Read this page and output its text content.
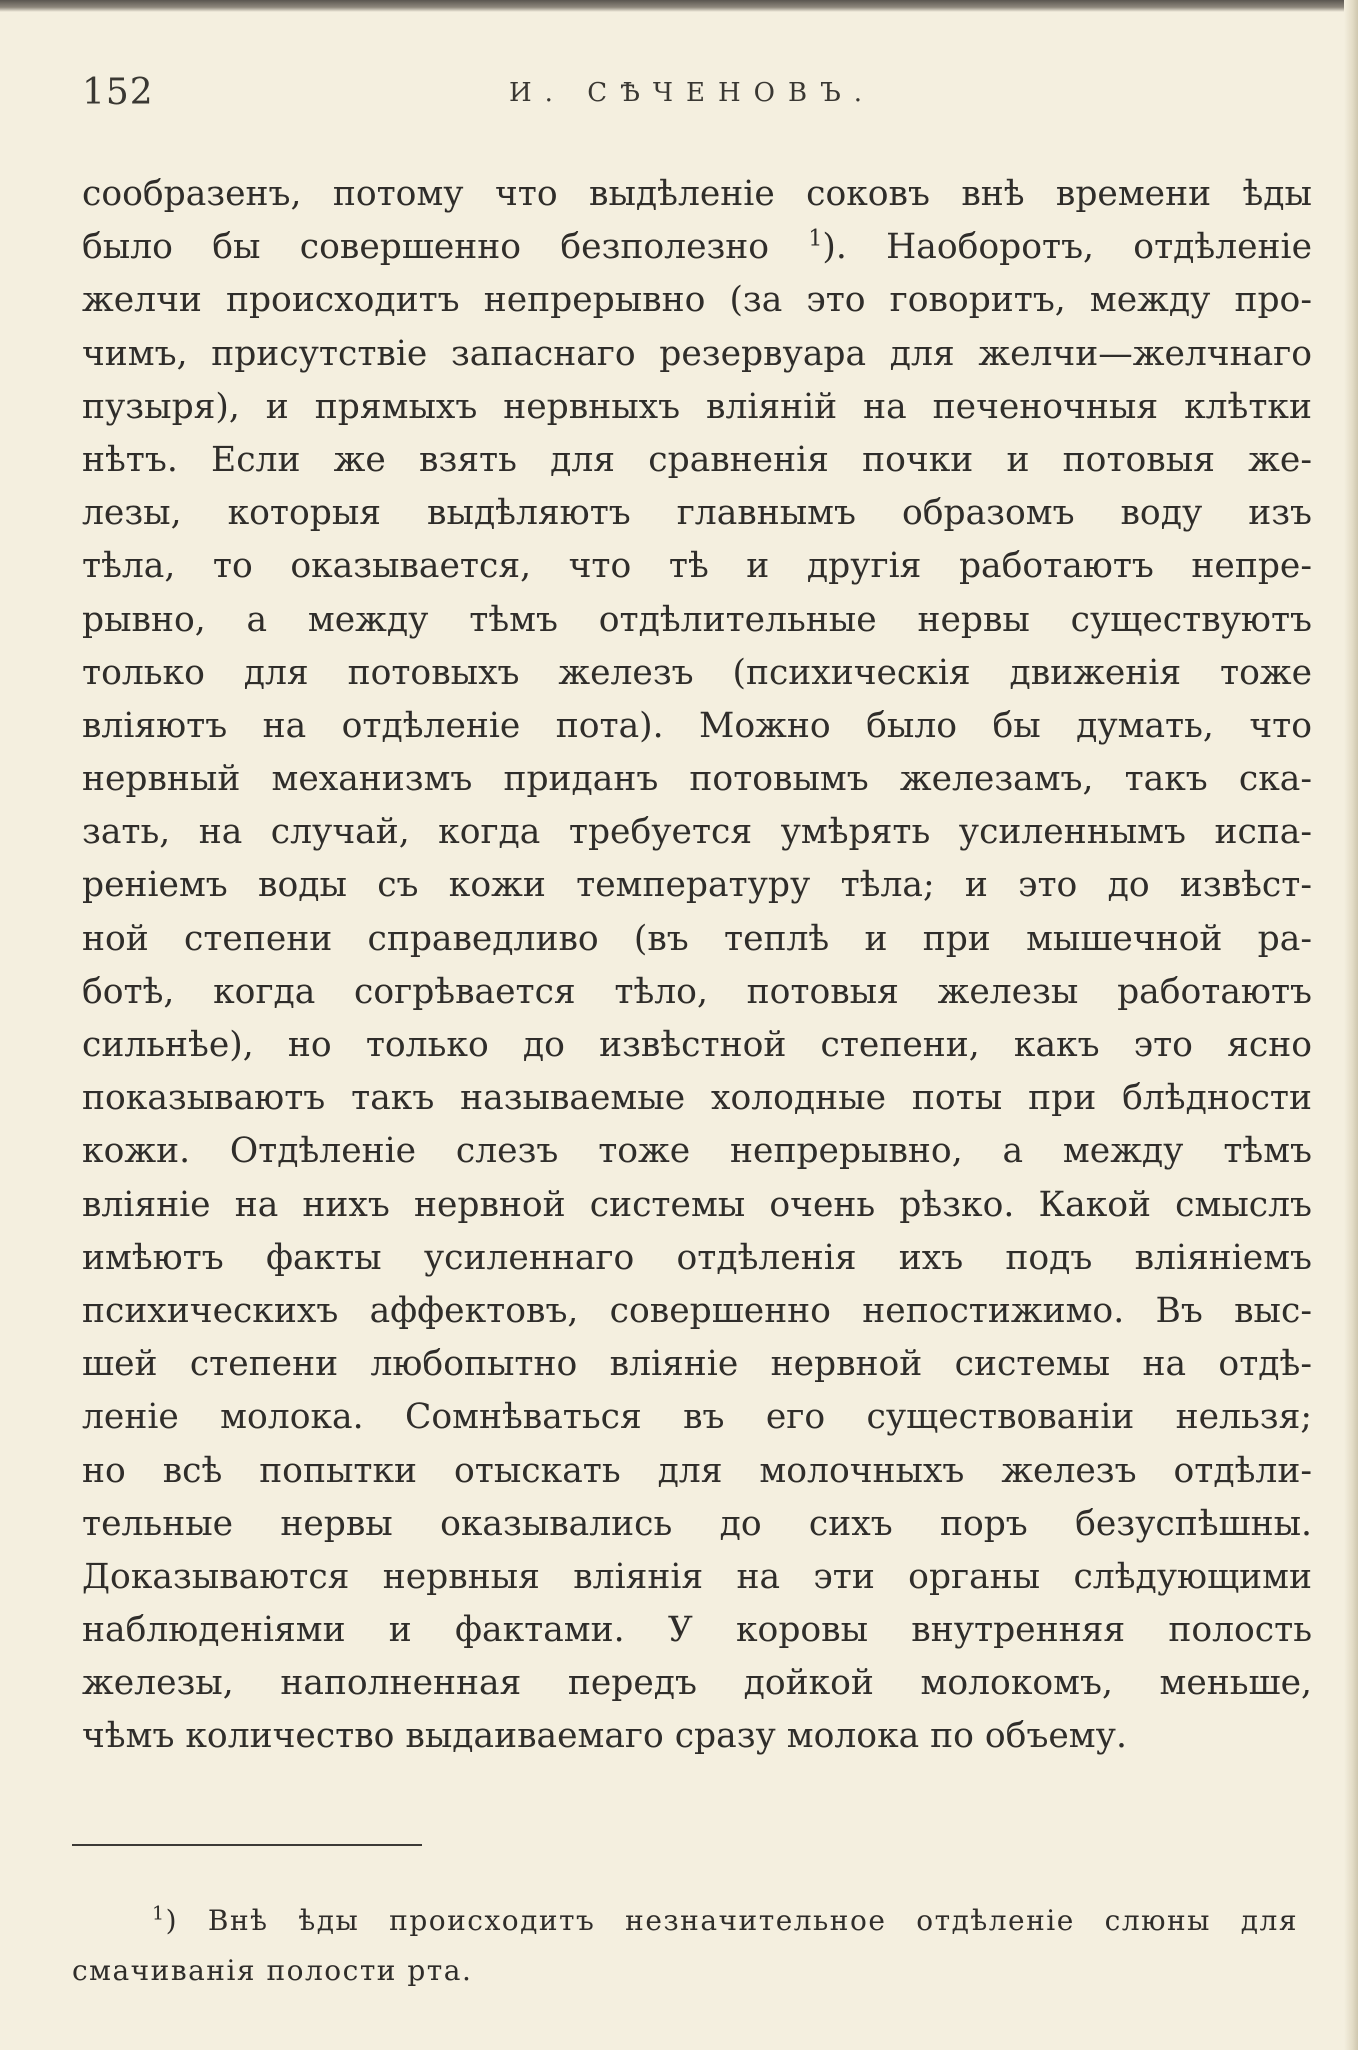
152	И. СѢЧЕНОВЪ.
сообразенъ, потому что выдѣленіе соковъ внѣ времени ѣды
было бы совершенно безполезно $^1$). Наоборотъ, отдѣленіе
желчи происходитъ непрерывно (за это говоритъ, между про-
чимъ, присутствіе запаснаго резервуара для желчи—желчнаго
пузыря), и прямыхъ нервныхъ вліяній на печеночныя клѣтки
нѣтъ. Если же взять для сравненія почки и потовыя же-
лезы, которыя выдѣляютъ главнымъ образомъ воду изъ
тѣла, то оказывается, что тѣ и другія работаютъ непре-
рывно, а между тѣмъ отдѣлительные нервы существуютъ
только для потовыхъ железъ (психическія движенія тоже
вліяютъ на отдѣленіе пота). Можно было бы думать, что
нервный механизмъ приданъ потовымъ железамъ, такъ ска-
зать, на случай, когда требуется умѣрять усиленнымъ испа-
реніемъ воды съ кожи температуру тѣла; и это до извѣст-
ной степени справедливо (въ теплѣ и при мышечной ра-
ботѣ, когда согрѣвается тѣло, потовыя железы работаютъ
сильнѣе), но только до извѣстной степени, какъ это ясно
показываютъ такъ называемые холодные поты при блѣдности
кожи. Отдѣленіе слезъ тоже непрерывно, а между тѣмъ
вліяніе на нихъ нервной системы очень рѣзко. Какой смыслъ
имѣютъ факты усиленнаго отдѣленія ихъ подъ вліяніемъ
психическихъ аффектовъ, совершенно непостижимо. Въ выс-
шей степени любопытно вліяніе нервной системы на отдѣ-
леніе молока. Сомнѣваться въ его существованіи нельзя;
но всѣ попытки отыскать для молочныхъ железъ отдѣли-
тельные нервы оказывались до сихъ поръ безуспѣшны.
Доказываются нервныя вліянія на эти органы слѣдующими
наблюденіями и фактами. У коровы внутренняя полость
железы, наполненная передъ дойкой молокомъ, меньше,
чѣмъ количество выдаиваемаго сразу молока по объему.
$^1$) Внѣ ѣды происходитъ незначительное отдѣленіе слюны для
смачиванія полости рта.
